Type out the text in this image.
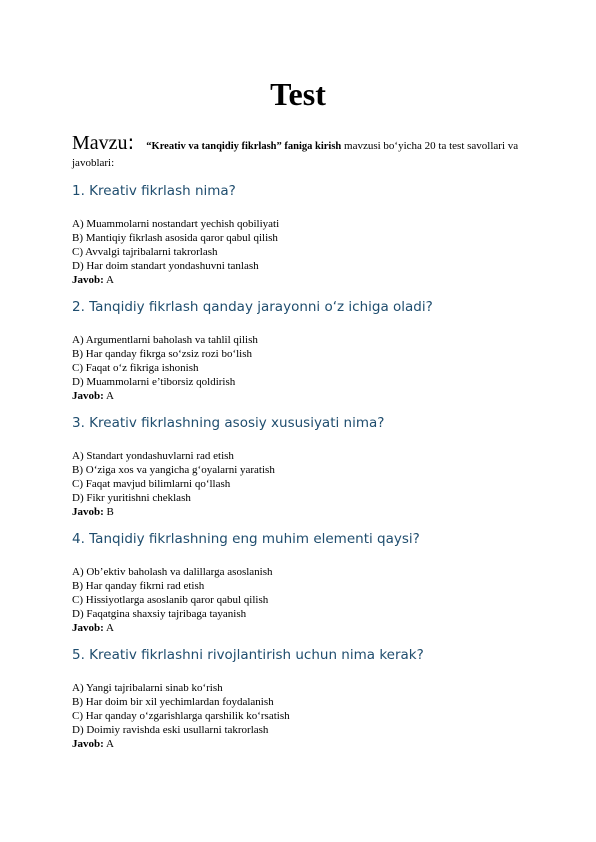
Test
Mavzu: “Kreativ va tanqidiy fikrlash” faniga kirish mavzusi bo‘yicha 20 ta test savollari va javoblari:
1. Kreativ fikrlash nima?
A) Muammolarni nostandart yechish qobiliyati
B) Mantiqiy fikrlash asosida qaror qabul qilish
C) Avvalgi tajribalarni takrorlash
D) Har doim standart yondashuvni tanlash
Javob: A
2. Tanqidiy fikrlash qanday jarayonni o‘z ichiga oladi?
A) Argumentlarni baholash va tahlil qilish
B) Har qanday fikrga so‘zsiz rozi bo‘lish
C) Faqat o‘z fikriga ishonish
D) Muammolarni e’tiborsiz qoldirish
Javob: A
3. Kreativ fikrlashning asosiy xususiyati nima?
A) Standart yondashuvlarni rad etish
B) O‘ziga xos va yangicha g‘oyalarni yaratish
C) Faqat mavjud bilimlarni qo‘llash
D) Fikr yuritishni cheklash
Javob: B
4. Tanqidiy fikrlashning eng muhim elementi qaysi?
A) Ob’ektiv baholash va dalillarga asoslanish
B) Har qanday fikrni rad etish
C) Hissiyotlarga asoslanib qaror qabul qilish
D) Faqatgina shaxsiy tajribaga tayanish
Javob: A
5. Kreativ fikrlashni rivojlantirish uchun nima kerak?
A) Yangi tajribalarni sinab ko‘rish
B) Har doim bir xil yechimlardan foydalanish
C) Har qanday o‘zgarishlarga qarshilik ko‘rsatish
D) Doimiy ravishda eski usullarni takrorlash
Javob: A
